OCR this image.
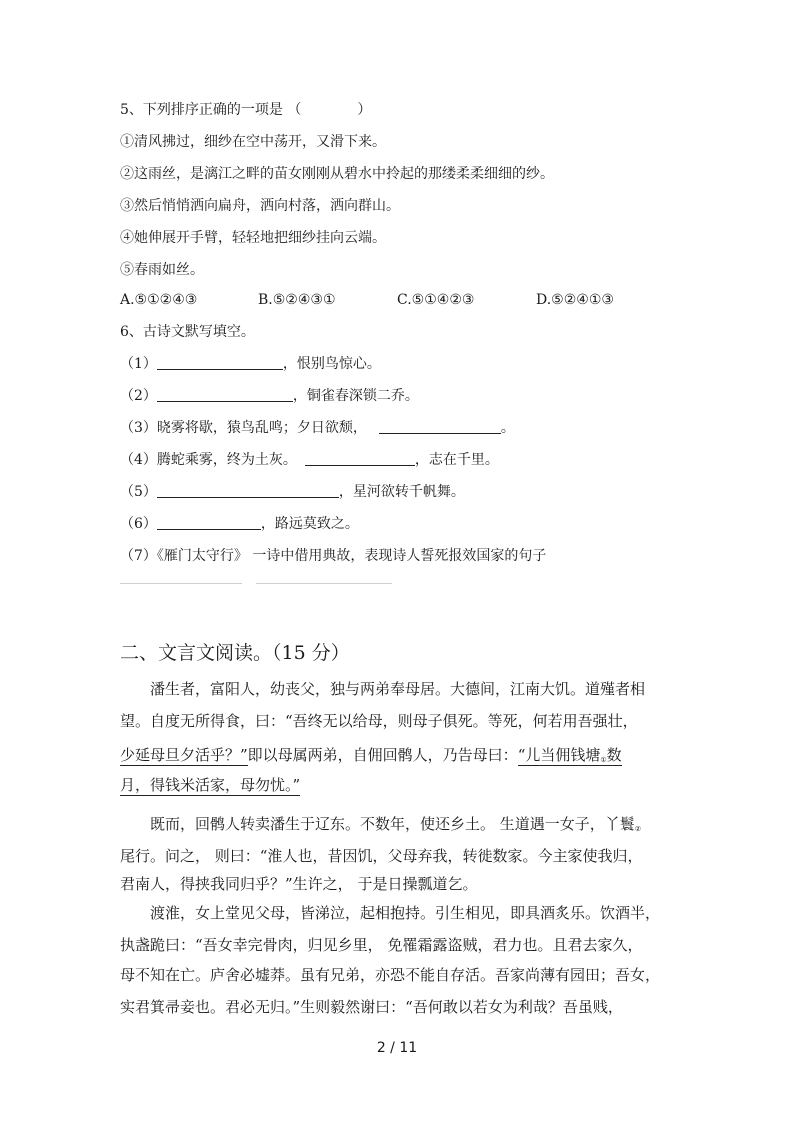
5、下列排序正确的一项是 （　　　　）
①清风拂过，细纱在空中荡开，又滑下来。
②这雨丝，是漓江之畔的苗女刚刚从碧水中拎起的那缕柔柔细细的纱。
③然后悄悄洒向扁舟，洒向村落，洒向群山。
④她伸展开手臂，轻轻地把细纱挂向云端。
⑤春雨如丝。
A.⑤①②④③	B.⑤②④③①	C.⑤①④②③	D.⑤②④①③
6、古诗文默写填空。
（1）	，恨别鸟惊心。
（2）	，铜雀春深锁二乔。
（3）晓雾将歇，猿鸟乱鸣；夕日欲颓，	。
（4）腾蛇乘雾，终为土灰。	，志在千里。
（5）	，星河欲转千帆舞。
（6）	，路远莫致之。
（7）《雁门太守行》 一诗中借用典故，表现诗人誓死报效国家的句子
二、文言文阅读。（15 分）
潘生者，富阳人，幼丧父，独与两弟奉母居。大德间，江南大饥。道殣者相
望。自度无所得食，曰：“吾终无以给母，则母子俱死。等死，何若用吾强壮，
少延母旦夕活乎？”即以母属两弟，自佣回鹘人，乃告母曰：“儿当佣钱塘$_①$数
月，得钱米活家，母勿忧。”
既而，回鹘人转卖潘生于辽东。不数年，使还乡土。 生道遇一女子，丫鬟$_②$
尾行。问之， 则曰：“淮人也，昔因饥，父母弃我，转徙数家。今主家使我归，
君南人，得挟我同归乎？”生许之， 于是日操瓢道乞。
渡淮，女上堂见父母，皆涕泣，起相抱持。引生相见，即具酒炙乐。饮酒半，
执盏跪曰：“吾女幸完骨肉，归见乡里， 免罹霜露盗贼，君力也。且君去家久，
母不知在亡。庐舍必墟莽。虽有兄弟，亦恐不能自存活。吾家尚薄有园田；吾女，
实君箕帚妾也。君必无归。”生则毅然谢曰：“吾何敢以若女为利哉？吾虽贱，
2 / 11
